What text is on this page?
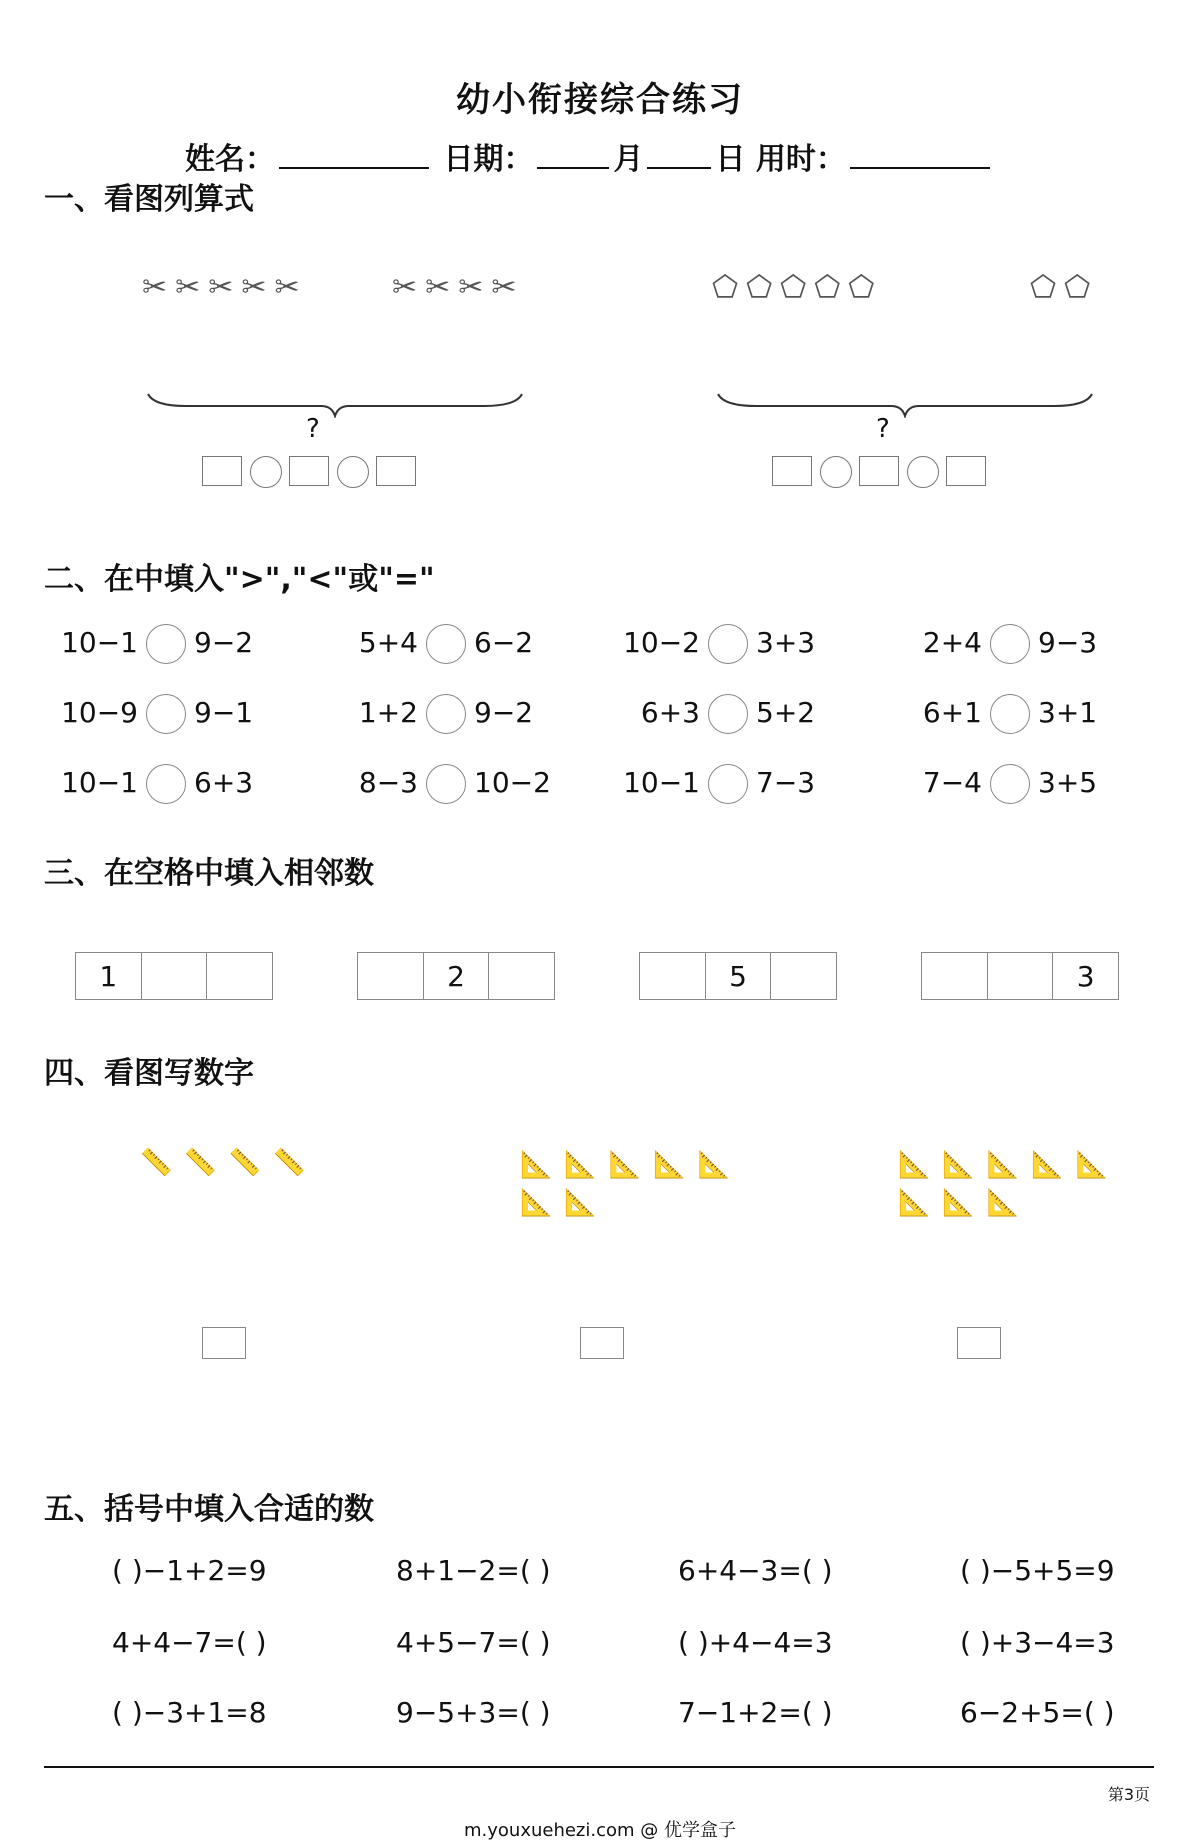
幼小衔接综合练习
姓名：	日期：	月 日 用时：
一、看图列算式
✂✂✂✂✂	✂✂✂✂
?
⬠⬠⬠⬠⬠	⬠⬠
?
二、在中填入">","<"或"="
10−1 9−2	5+4 6−2	10−2 3+3	2+4 9−3
10−9 9−1	1+2 9−2	6+3 5+2	6+1 3+1
10−1 6+3	8−3 10−2	10−1 7−3	7−4 3+5
三、在空格中填入相邻数
1	2	5	3
四、看图写数字
📏📏📏📏	📐📐📐📐📐
📐📐
📐📐📐📐📐
📐📐📐
五、括号中填入合适的数
( )−1+2=9	8+1−2=( )	6+4−3=( )	( )−5+5=9
4+4−7=( )	4+5−7=( )	( )+4−4=3	( )+3−4=3
( )−3+1=8	9−5+3=( )	7−1+2=( )	6−2+5=( )
第3页
m.youxuehezi.com @ 优学盒子
